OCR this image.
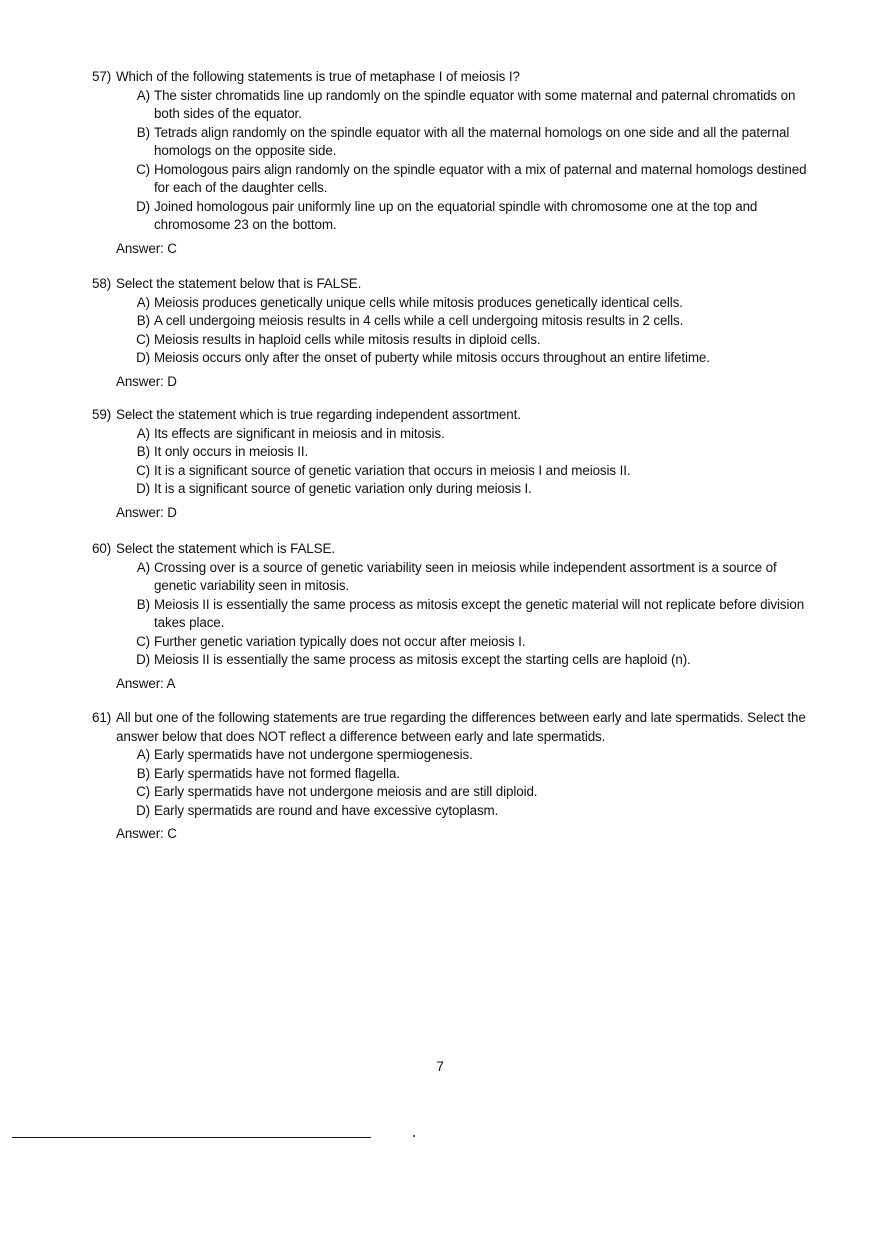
57) Which of the following statements is true of metaphase I of meiosis I?
A) The sister chromatids line up randomly on the spindle equator with some maternal and paternal chromatids on both sides of the equator.
B) Tetrads align randomly on the spindle equator with all the maternal homologs on one side and all the paternal homologs on the opposite side.
C) Homologous pairs align randomly on the spindle equator with a mix of paternal and maternal homologs destined for each of the daughter cells.
D) Joined homologous pair uniformly line up on the equatorial spindle with chromosome one at the top and chromosome 23 on the bottom.
Answer: C
58) Select the statement below that is FALSE.
A) Meiosis produces genetically unique cells while mitosis produces genetically identical cells.
B) A cell undergoing meiosis results in 4 cells while a cell undergoing mitosis results in 2 cells.
C) Meiosis results in haploid cells while mitosis results in diploid cells.
D) Meiosis occurs only after the onset of puberty while mitosis occurs throughout an entire lifetime.
Answer: D
59) Select the statement which is true regarding independent assortment.
A) Its effects are significant in meiosis and in mitosis.
B) It only occurs in meiosis II.
C) It is a significant source of genetic variation that occurs in meiosis I and meiosis II.
D) It is a significant source of genetic variation only during meiosis I.
Answer: D
60) Select the statement which is FALSE.
A) Crossing over is a source of genetic variability seen in meiosis while independent assortment is a source of genetic variability seen in mitosis.
B) Meiosis II is essentially the same process as mitosis except the genetic material will not replicate before division takes place.
C) Further genetic variation typically does not occur after meiosis I.
D) Meiosis II is essentially the same process as mitosis except the starting cells are haploid (n).
Answer: A
61) All but one of the following statements are true regarding the differences between early and late spermatids. Select the answer below that does NOT reflect a difference between early and late spermatids.
A) Early spermatids have not undergone spermiogenesis.
B) Early spermatids have not formed flagella.
C) Early spermatids have not undergone meiosis and are still diploid.
D) Early spermatids are round and have excessive cytoplasm.
Answer: C
7
